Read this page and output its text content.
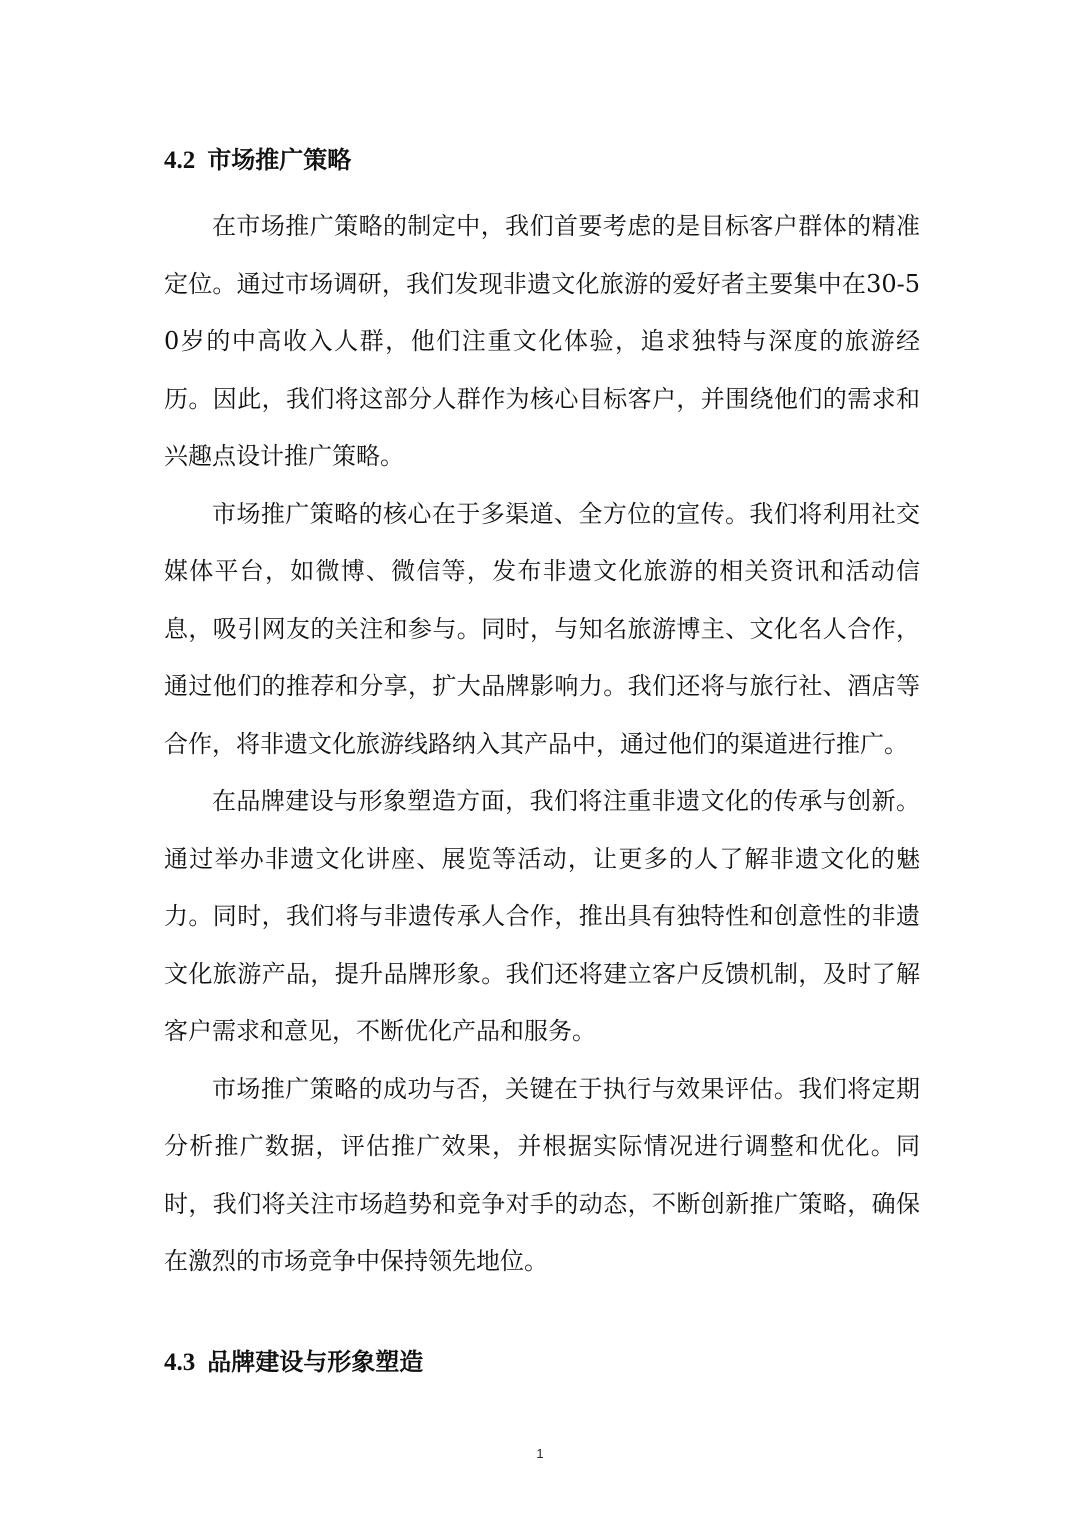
4.2 市场推广策略

在市场推广策略的制定中，我们首要考虑的是目标客户群体的精准定位。通过市场调研，我们发现非遗文化旅游的爱好者主要集中在30-50岁的中高收入人群，他们注重文化体验，追求独特与深度的旅游经历。因此，我们将这部分人群作为核心目标客户，并围绕他们的需求和兴趣点设计推广策略。

市场推广策略的核心在于多渠道、全方位的宣传。我们将利用社交媒体平台，如微博、微信等，发布非遗文化旅游的相关资讯和活动信息，吸引网友的关注和参与。同时，与知名旅游博主、文化名人合作，通过他们的推荐和分享，扩大品牌影响力。我们还将与旅行社、酒店等合作，将非遗文化旅游线路纳入其产品中，通过他们的渠道进行推广。

在品牌建设与形象塑造方面，我们将注重非遗文化的传承与创新。通过举办非遗文化讲座、展览等活动，让更多的人了解非遗文化的魅力。同时，我们将与非遗传承人合作，推出具有独特性和创意性的非遗文化旅游产品，提升品牌形象。我们还将建立客户反馈机制，及时了解客户需求和意见，不断优化产品和服务。

市场推广策略的成功与否，关键在于执行与效果评估。我们将定期分析推广数据，评估推广效果，并根据实际情况进行调整和优化。同时，我们将关注市场趋势和竞争对手的动态，不断创新推广策略，确保在激烈的市场竞争中保持领先地位。

4.3 品牌建设与形象塑造
1
